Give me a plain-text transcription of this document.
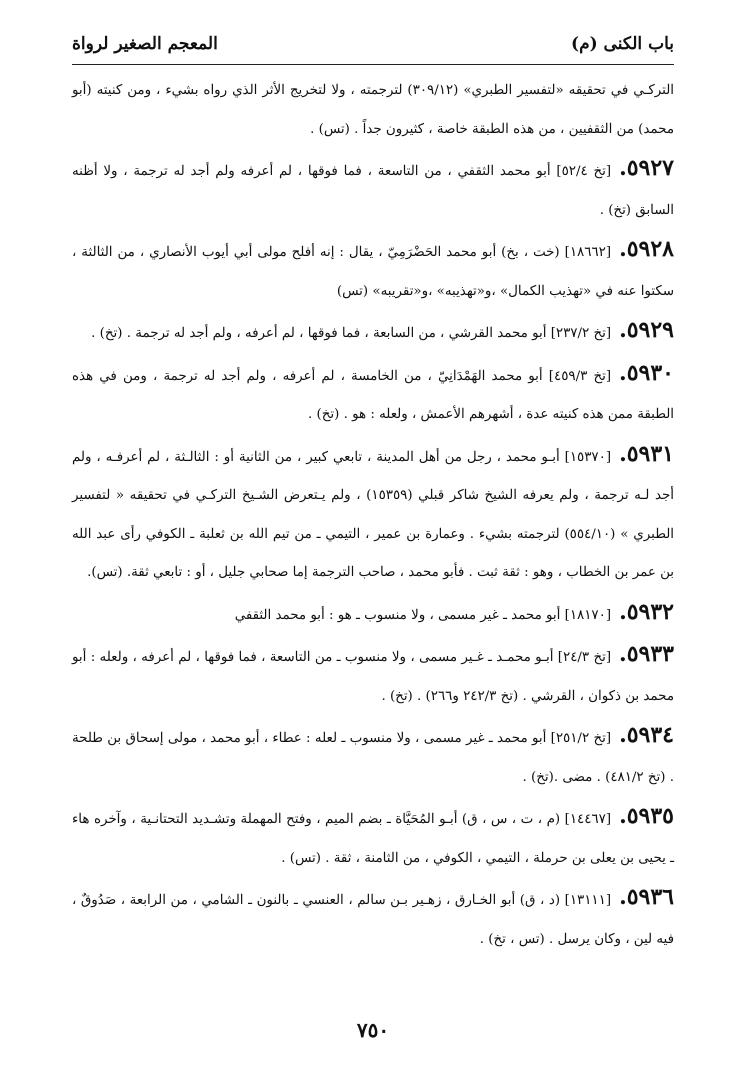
باب الكنى (م)
المعجم الصغير لرواة

التركـي في تحقيقه «لتفسير الطبري» (٣٠٩/١٢) لترجمته ، ولا لتخريج الأثر الذي رواه بشيء ، ومن كنيته (أبو محمد) من الثقفيين ، من هذه الطبقة خاصة ، كثيرون جداً . (تس) .

٥٩٢٧.[تخ ٥٢/٤] أبو محمد الثقفي ، من التاسعة ، فما فوقها ، لم أعرفه ولم أجد له ترجمة ، ولا أظنه السابق (تخ) .

٥٩٢٨.[١٨٦٦٢] (خت ، بخ) أبو محمد الحَضْرَمِيّ ، يقال : إنه أفلح مولى أبي أيوب الأنصاري ، من الثالثة ، سكتوا عنه في «تهذيب الكمال» ،و«تهذيبه» ،و«تقريبه» (تس)

٥٩٢٩.[تخ ٢٣٧/٢] أبو محمد القرشي ، من السابعة ، فما فوقها ، لم أعرفه ، ولم أجد له ترجمة . (تخ) .

٥٩٣٠.[تخ ٤٥٩/٣] أبو محمد الهَمْدَانِيّ ، من الخامسة ، لم أعرفه ، ولم أجد له ترجمة ، ومن في هذه الطبقة ممن هذه كنيته عدة ، أشهرهم الأعمش ، ولعله : هو . (تخ) .

٥٩٣١.[١٥٣٧٠] أبـو محمد ، رجل من أهل المدينة ، تابعي كبير ، من الثانية أو : الثالـثة ، لم أعرفـه ، ولم أجد لـه ترجمة ، ولم يعرفه الشيخ شاكر قبلي (١٥٣٥٩) ، ولم يـتعرض الشـيخ التركـي في تحقيقه « لتفسير الطبري » (٥٥٤/١٠) لترجمته بشيء . وعمارة بن عمير ، التيمي ـ من تيم الله بن ثعلبة ـ الكوفي رأى عبد الله بن عمر بن الخطاب ، وهو : ثقة ثبت . فأبو محمد ، صاحب الترجمة إما صحابي جليل ، أو : تابعي ثقة. (تس).

٥٩٣٢.[١٨١٧٠] أبو محمد ـ غير مسمى ، ولا منسوب ـ هو : أبو محمد الثقفي

٥٩٣٣.[تخ ٢٤/٣] أبـو محمـد ـ غـير مسمى ، ولا منسوب ـ من التاسعة ، فما فوقها ، لم أعرفه ، ولعله : أبو محمد بن ذكوان ، القرشي . (تخ ٢٤٢/٣ و٢٦٦) . (تخ) .

٥٩٣٤.[تخ ٢٥١/٢] أبو محمد ـ غير مسمى ، ولا منسوب ـ لعله : عطاء ، أبو محمد ، مولى إسحاق بن طلحة . (تخ ٤٨١/٢) . مضى .(تخ) .

٥٩٣٥.[١٤٤٦٧] (م ، ت ، س ، ق) أبـو المُحَيَّاة ـ بضم الميم ، وفتح المهملة وتشـديد التحتانـية ، وآخره هاء ـ يحيى بن يعلى بن حرملة ، التيمي ، الكوفي ، من الثامنة ، ثقة . (تس) .

٥٩٣٦.[١٣١١١] (د ، ق) أبو الخـارق ، زهـير بـن سالم ، العنسي ـ بالنون ـ الشامي ، من الرابعة ، صَدُوقٌ ، فيه لين ، وكان يرسل . (تس ، تخ) .

٧٥٠
